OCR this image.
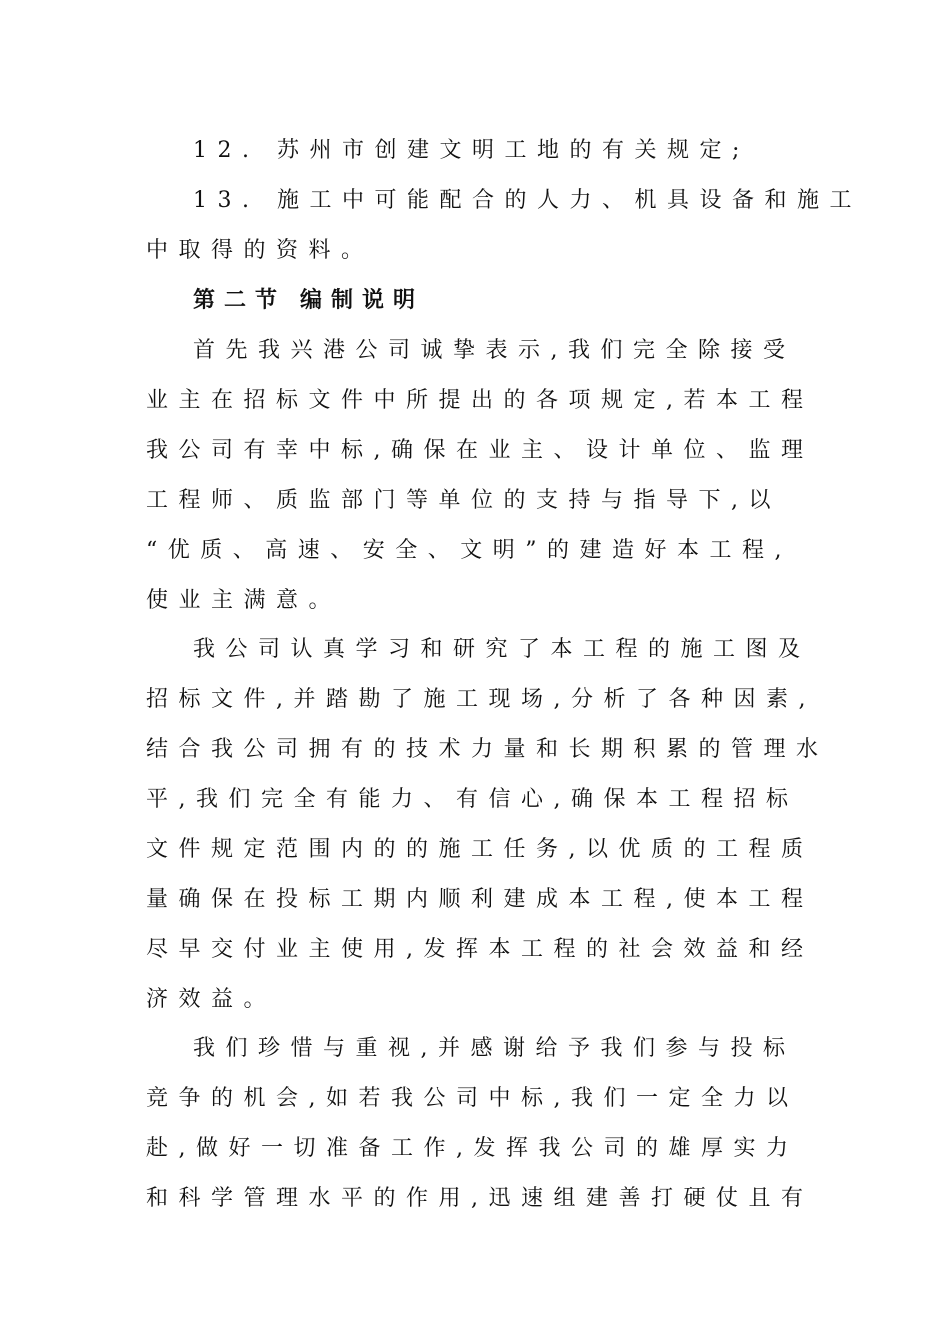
12. 苏州市创建文明工地的有关规定;
13. 施工中可能配合的人力、机具设备和施工
中取得的资料。
第二节 编制说明
首先我兴港公司诚挚表示,我们完全除接受
业主在招标文件中所提出的各项规定,若本工程
我公司有幸中标,确保在业主、设计单位、监理
工程师、质监部门等单位的支持与指导下,以
“优质、高速、安全、文明”的建造好本工程,
使业主满意。
我公司认真学习和研究了本工程的施工图及
招标文件,并踏勘了施工现场,分析了各种因素,
结合我公司拥有的技术力量和长期积累的管理水
平,我们完全有能力、有信心,确保本工程招标
文件规定范围内的的施工任务,以优质的工程质
量确保在投标工期内顺利建成本工程,使本工程
尽早交付业主使用,发挥本工程的社会效益和经
济效益。
我们珍惜与重视,并感谢给予我们参与投标
竞争的机会,如若我公司中标,我们一定全力以
赴,做好一切准备工作,发挥我公司的雄厚实力
和科学管理水平的作用,迅速组建善打硬仗且有
